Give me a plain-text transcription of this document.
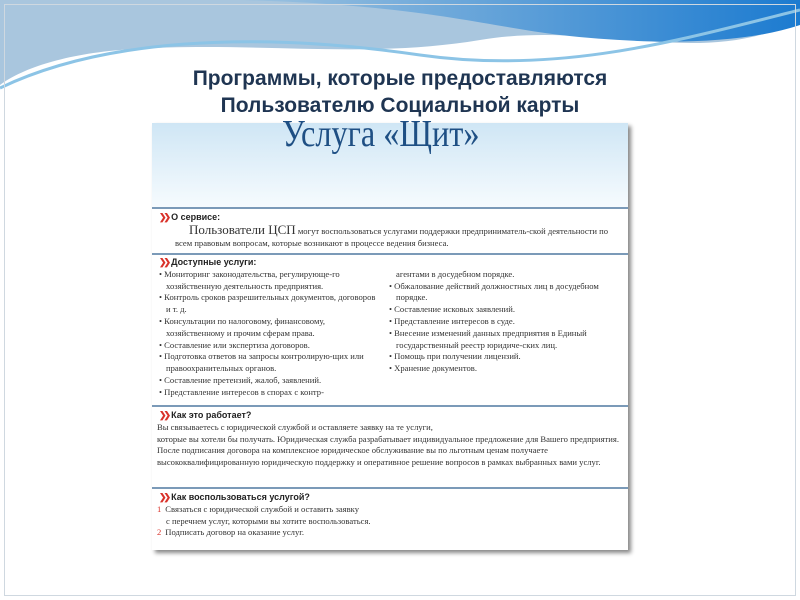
Программы, которые предоставляются
Пользователю Социальной карты
Услуга «Щит»
❯❯ О сервисе:
Пользователи ЦСП могут воспользоваться услугами поддержки предприниматель-ской деятельности по всем правовым вопросам, которые возникают в процессе ведения бизнеса.
❯❯ Доступные услуги:
• Мониторинг законодательства, регулирующе-го хозяйственную деятельность предприятия.
• Контроль сроков разрешительных документов, договоров и т. д.
• Консультации по налоговому, финансовому, хозяйственному и прочим сферам права.
• Составление или экспертиза договоров.
• Подготовка ответов на запросы контролирую-щих или правоохранительных органов.
• Составление претензий, жалоб, заявлений.
• Представление интересов в спорах с контр-
агентами в досудебном порядке.
• Обжалование действий должностных лиц в досудебном порядке.
• Составление исковых заявлений.
• Представление интересов в суде.
• Внесение изменений данных предприятия в Единый государственный реестр юридиче-ских лиц.
• Помощь при получении лицензий.
• Хранение документов.
❯❯ Как это работает?
Вы связываетесь с юридической службой и оставляете заявку на те услуги,
которые вы хотели бы получать. Юридическая служба разрабатывает индивидуальное предложение для Вашего предприятия. После подписания договора на комплексное юридическое обслуживание вы по льготным ценам получаете высококвалифицированную юридическую поддержку и оперативное решение вопросов в рамках выбранных вами услуг.
❯❯ Как воспользоваться услугой?
1 Связаться с юридической службой и оставить заявку
с перечнем услуг, которыми вы хотите воспользоваться.
2 Подписать договор на оказание услуг.
